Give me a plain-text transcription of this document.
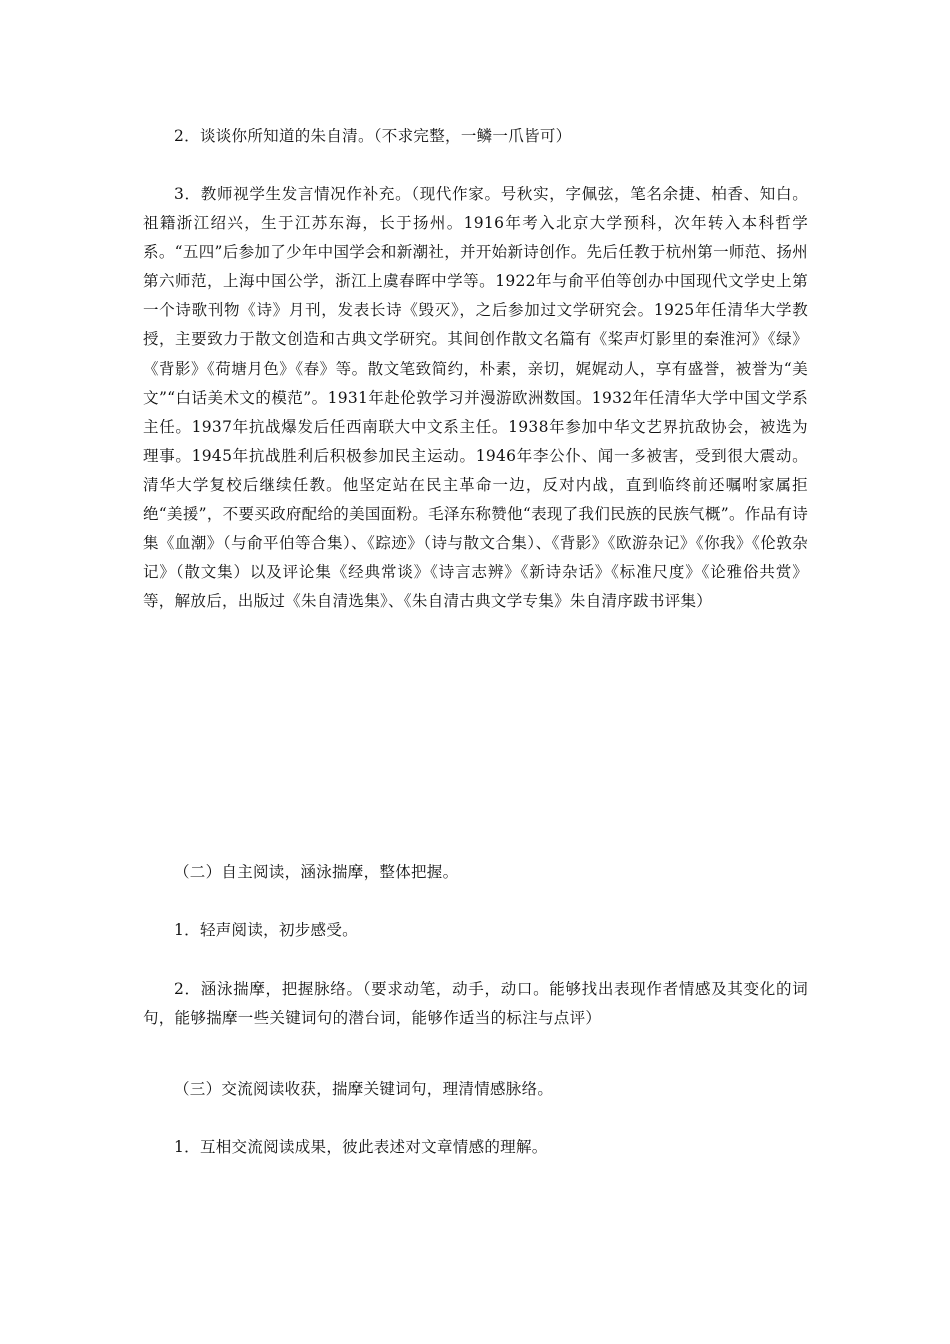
2．谈谈你所知道的朱自清。（不求完整，一鳞一爪皆可）

3．教师视学生发言情况作补充。（现代作家。号秋实，字佩弦，笔名余捷、柏香、知白。祖籍浙江绍兴，生于江苏东海，长于扬州。1916年考入北京大学预科，次年转入本科哲学系。“五四”后参加了少年中国学会和新潮社，并开始新诗创作。先后任教于杭州第一师范、扬州第六师范，上海中国公学，浙江上虞春晖中学等。1922年与俞平伯等创办中国现代文学史上第一个诗歌刊物《诗》月刊，发表长诗《毁灭》，之后参加过文学研究会。1925年任清华大学教授，主要致力于散文创造和古典文学研究。其间创作散文名篇有《桨声灯影里的秦淮河》《绿》《背影》《荷塘月色》《春》等。散文笔致简约，朴素，亲切，娓娓动人，享有盛誉，被誉为“美文”“白话美术文的模范”。1931年赴伦敦学习并漫游欧洲数国。1932年任清华大学中国文学系主任。1937年抗战爆发后任西南联大中文系主任。1938年参加中华文艺界抗敌协会，被选为理事。1945年抗战胜利后积极参加民主运动。1946年李公仆、闻一多被害，受到很大震动。清华大学复校后继续任教。他坚定站在民主革命一边，反对内战，直到临终前还嘱咐家属拒绝“美援”，不要买政府配给的美国面粉。毛泽东称赞他“表现了我们民族的民族气概”。作品有诗集《血潮》（与俞平伯等合集）、《踪迹》（诗与散文合集）、《背影》《欧游杂记》《你我》《伦敦杂记》（散文集）以及评论集《经典常谈》《诗言志辨》《新诗杂话》《标准尺度》《论雅俗共赏》等，解放后，出版过《朱自清选集》、《朱自清古典文学专集》朱自清序跋书评集）

（二）自主阅读，涵泳揣摩，整体把握。

1．轻声阅读，初步感受。

2．涵泳揣摩，把握脉络。（要求动笔，动手，动口。能够找出表现作者情感及其变化的词句，能够揣摩一些关键词句的潜台词，能够作适当的标注与点评）

（三）交流阅读收获，揣摩关键词句，理清情感脉络。

1．互相交流阅读成果，彼此表述对文章情感的理解。
